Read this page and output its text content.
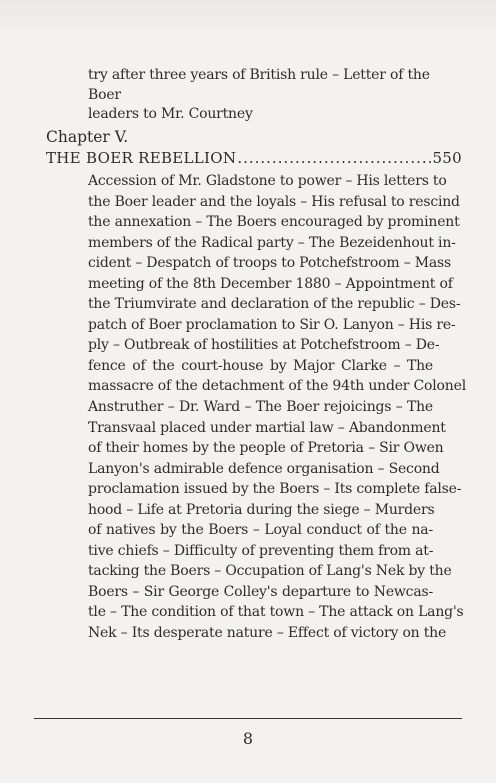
try after three years of British rule – Letter of the Boer
leaders to Mr. Courtney
Chapter V.
THE BOER REBELLION
.....	550
Accession of Mr. Gladstone to power – His letters to
the Boer leader and the loyals – His refusal to rescind
the annexation – The Boers encouraged by prominent
members of the Radical party – The Bezeidenhout in-
cident – Despatch of troops to Potchefstroom – Mass
meeting of the 8th December 1880 – Appointment of
the Triumvirate and declaration of the republic – Des-
patch of Boer proclamation to Sir O. Lanyon – His re-
ply – Outbreak of hostilities at Potchefstroom – De-
fence of the court-house by Major Clarke – The
massacre of the detachment of the 94th under Colonel
Anstruther – Dr. Ward – The Boer rejoicings – The
Transvaal placed under martial law – Abandonment
of their homes by the people of Pretoria – Sir Owen
Lanyon's admirable defence organisation – Second
proclamation issued by the Boers – Its complete false-
hood – Life at Pretoria during the siege – Murders
of natives by the Boers – Loyal conduct of the na-
tive chiefs – Difficulty of preventing them from at-
tacking the Boers – Occupation of Lang's Nek by the
Boers – Sir George Colley's departure to Newcas-
tle – The condition of that town – The attack on Lang's
Nek – Its desperate nature – Effect of victory on the
8
